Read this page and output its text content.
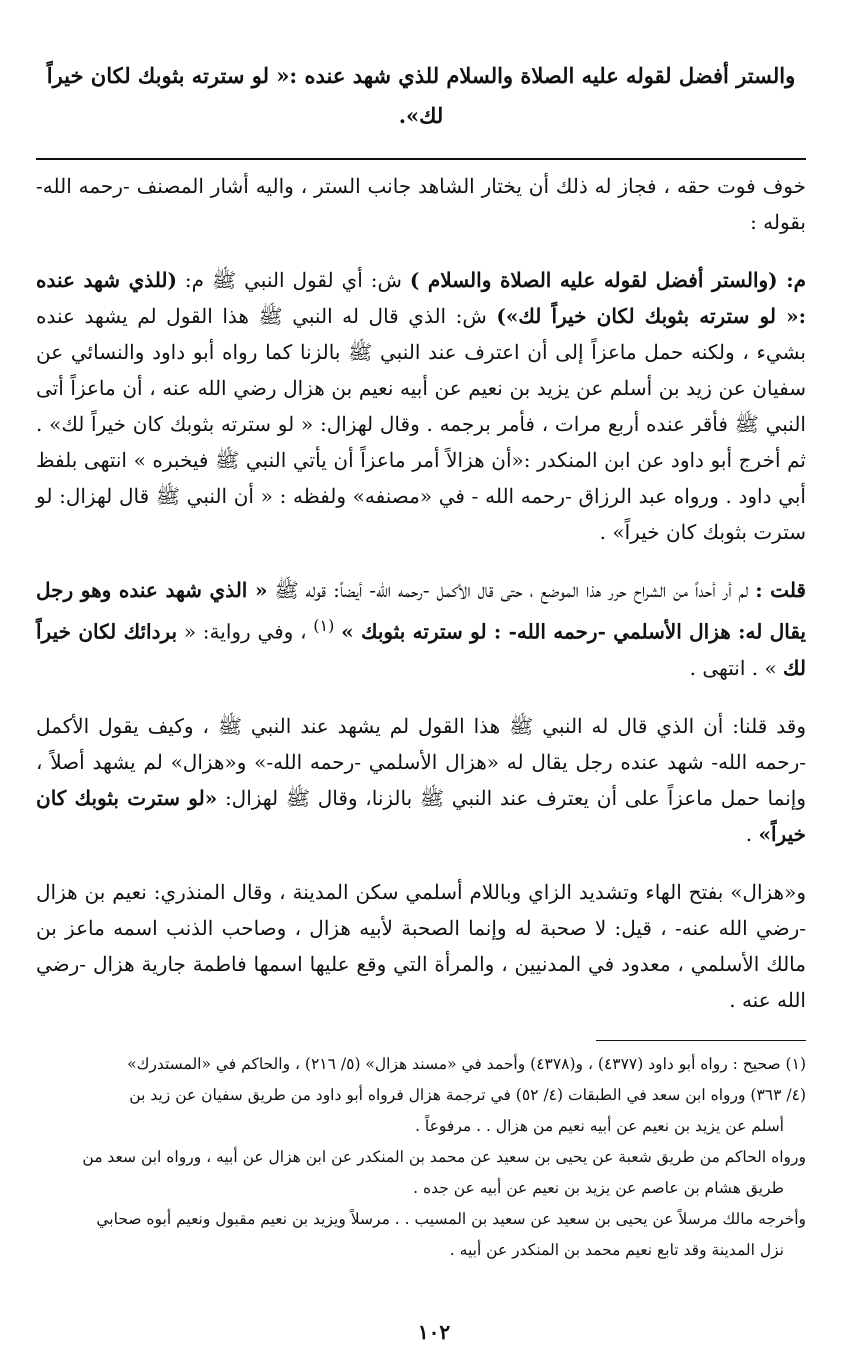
والستر أفضل لقوله عليه الصلاة والسلام للذي شهد عنده :« لو سترته بثوبك لكان خيراً لك».

خوف فوت حقه ، فجاز له ذلك أن يختار الشاهد جانب الستر ، واليه أشار المصنف -رحمه الله- بقوله :

م: (والستر أفضل لقوله عليه الصلاة والسلام ) ش: أي لقول النبي ﷺ م: (للذي شهد عنده :« لو سترته بثوبك لكان خيراً لك») ش: الذي قال له النبي ﷺ هذا القول لم يشهد عنده بشيء ، ولكنه حمل ماعزاً إلى أن اعترف عند النبي ﷺ بالزنا كما رواه أبو داود والنسائي عن سفيان عن زيد بن أسلم عن يزيد بن نعيم عن أبيه نعيم بن هزال رضي الله عنه ، أن ماعزاً أتى النبي ﷺ فأقر عنده أربع مرات ، فأمر برجمه . وقال لهزال: « لو سترته بثوبك كان خيراً لك» . ثم أخرج أبو داود عن ابن المنكدر :«أن هزالاً أمر ماعزاً أن يأتي النبي ﷺ فيخبره » انتهى بلفظ أبي داود . ورواه عبد الرزاق -رحمه الله - في «مصنفه» ولفظه : « أن النبي ﷺ قال لهزال: لو سترت بثوبك كان خيراً» .

قلت : لم أر أحداً من الشراح حرر هذا الموضع ، حتى قال الأكمل -رحمه الله- أيضاً: قوله ﷺ « الذي شهد عنده وهو رجل يقال له: هزال الأسلمي -رحمه الله- : لو سترته بثوبك » $^{(١)}$ ، وفي رواية: « بردائك لكان خيراً لك » . انتهى .

وقد قلنا: أن الذي قال له النبي ﷺ هذا القول لم يشهد عند النبي ﷺ ، وكيف يقول الأكمل -رحمه الله- شهد عنده رجل يقال له «هزال الأسلمي -رحمه الله-» و«هزال» لم يشهد أصلاً ، وإنما حمل ماعزاً على أن يعترف عند النبي ﷺ بالزنا، وقال ﷺ لهزال: «لو سترت بثوبك كان خيراً» .

و«هزال» بفتح الهاء وتشديد الزاي وباللام أسلمي سكن المدينة ، وقال المنذري: نعيم بن هزال -رضي الله عنه- ، قيل: لا صحبة له وإنما الصحبة لأبيه هزال ، وصاحب الذنب اسمه ماعز بن مالك الأسلمي ، معدود في المدنيين ، والمرأة التي وقع عليها اسمها فاطمة جارية هزال -رضي الله عنه .

(١) صحيح : رواه أبو داود (٤٣٧٧) ، و(٤٣٧٨) وأحمد في «مسند هزال» (٥/ ٢١٦) ، والحاكم في «المستدرك»

(٤/ ٣٦٣) ورواه ابن سعد في الطبقات (٤/ ٥٢) في ترجمة هزال فرواه أبو داود من طريق سفيان عن زيد بن

أسلم عن يزيد بن نعيم عن أبيه نعيم من هزال . . مرفوعاً .

ورواه الحاكم من طريق شعبة عن يحيى بن سعيد عن محمد بن المنكدر عن ابن هزال عن أبيه ، ورواه ابن سعد من

طريق هشام بن عاصم عن يزيد بن نعيم عن أبيه عن جده .

وأخرجه مالك مرسلاً عن يحيى بن سعيد عن سعيد بن المسيب . . مرسلاً ويزيد بن نعيم مقبول ونعيم أبوه صحابي

نزل المدينة وقد تابع نعيم محمد بن المنكدر عن أبيه .

١٠٢
